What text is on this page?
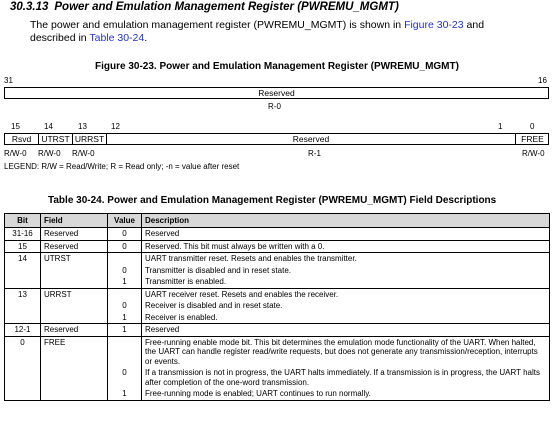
30.3.13 Power and Emulation Management Register (PWREMU_MGMT)
The power and emulation management register (PWREMU_MGMT) is shown in Figure 30-23 and
described in Table 30-24.
Figure 30-23. Power and Emulation Management Register (PWREMU_MGMT)
31	16
Reserved
R-0
15	14	13	12	1	0
Rsvd	UTRST URRST	Reserved	FREE
R/W-0 R/W-0 R/W-0	R-1	R/W-0
LEGEND: R/W = Read/Write; R = Read only; -n = value after reset
Table 30-24. Power and Emulation Management Register (PWREMU_MGMT) Field Descriptions
Bit	Field	Value	Description
31-16	Reserved	0	Reserved
15	Reserved	0	Reserved. This bit must always be written with a 0.
14	UTRST		UART transmitter reset. Resets and enables the transmitter.
		0	Transmitter is disabled and in reset state.
		1	Transmitter is enabled.
13	URRST		UART receiver reset. Resets and enables the receiver.
		0	Receiver is disabled and in reset state.
		1	Receiver is enabled.
12-1	Reserved	1	Reserved
0	FREE		Free-running enable mode bit. This bit determines the emulation mode functionality of the UART. When halted, the UART can handle register read/write requests, but does not generate any transmission/reception, interrupts or events.
		0	If a transmission is not in progress, the UART halts immediately. If a transmission is in progress, the UART halts after completion of the one-word transmission.
		1	Free-running mode is enabled; UART continues to run normally.
